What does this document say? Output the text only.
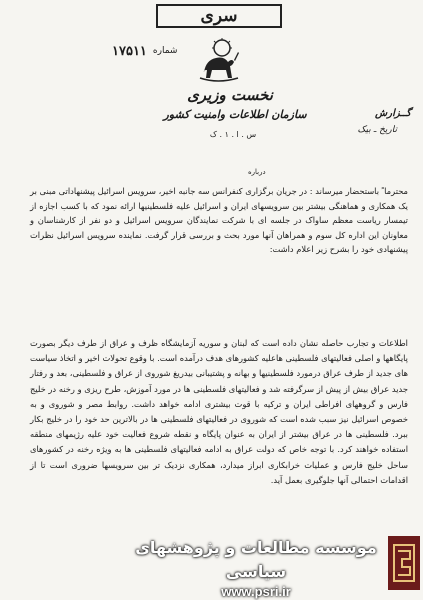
سری
شماره
۱۷۵۱۱
نخست وزیری
سازمان اطلاعات وامنیت کشور
س . ا . ۱ . ک
گــزارش
تاریخ ـ بیک
درباره
محترما ً باستحضار میرساند : در جریان برگزاری کنفرانس سه جانبه اخیر، سرویس اسرائیل پیشنهاداتی مبنی بر یک همکاری و هماهنگی بیشتر بین سرویسهای ایران و اسرائیل علیه فلسطینیها ارائه نمود که با کسب اجازه از تیمسار ریاست معظم ساواک در جلسه ای با شرکت نمایندگان سرویس اسرائیل و دو نفر از کارشناسان و معاونان این اداره کل سوم و همراهان آنها مورد بحث و بررسی قرار گرفت. نماینده سرویس اسرائیل نظرات پیشنهادی خود را بشرح زیر اعلام داشت:
اطلاعات و تجارب حاصله نشان داده است که لبنان و سوریه آزمایشگاه ظرف و عراق از طرف دیگر بصورت پایگاهها و اصلی فعالیتهای فلسطینی هاعلیه کشورهای هدف درآمده است. با وقوع تحولات اخیر و اتخاذ سیاست های جدید از طرف عراق درمورد فلسطینیها و بهانه و پشتیبانی بیدریغ شوروی از عراق و فلسطینی، بعد و رفتار جدید عراق بیش از پیش از سرگرفته شد و فعالیتهای فلسطینی ها در مورد آموزش، طرح ریزی و رخنه در خلیج فارس و گروههای افراطی ایران و ترکیه با قوت بیشتری ادامه خواهد داشت. روابط مصر و شوروی و به خصوص اسرائیل نیز سبب شده است که شوروی در فعالیتهای فلسطینی ها در بالاترین حد خود را در خلیج بکار ببرد. فلسطینی ها در عراق بیشتر از ایران به عنوان پایگاه و نقطه شروع فعالیت خود علیه رژیمهای منطقه استفاده خواهند کرد. با توجه خاص که دولت عراق به ادامه فعالیتهای فلسطینی ها به ویژه رخنه در کشورهای ساحل خلیج فارس و عملیات خرابکاری ابراز میدارد، همکاری نزدیک تر بین سرویسها ضروری است تا از اقدامات احتمالی آنها جلوگیری بعمل آید.
موسسه مطالعات و پژوهشهای سیاسی
www.psri.ir
